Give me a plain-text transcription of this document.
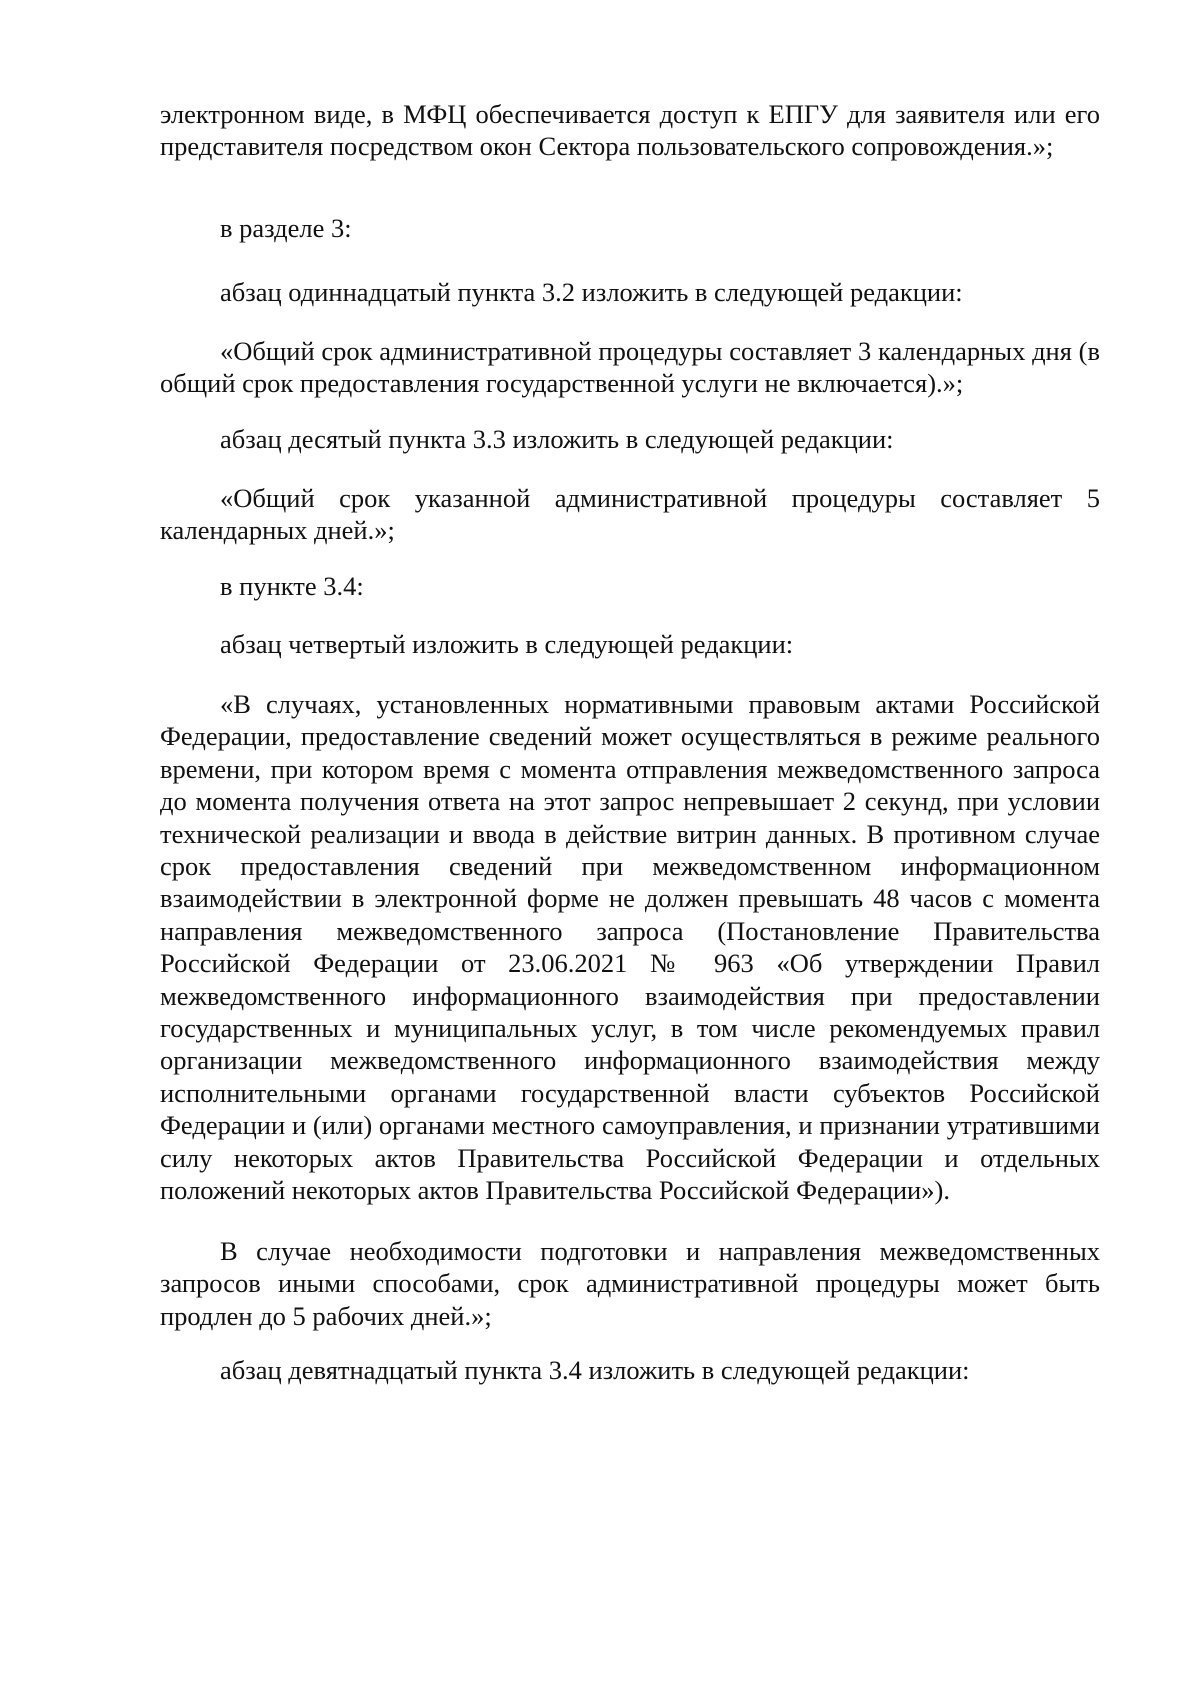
электронном виде, в МФЦ обеспечивается доступ к ЕПГУ для заявителя или его представителя посредством окон Сектора пользовательского сопровождения.»;

в разделе 3:

абзац одиннадцатый пункта 3.2 изложить в следующей редакции:

«Общий срок административной процедуры составляет 3 календарных дня (в общий срок предоставления государственной услуги не включается).»;

абзац десятый пункта 3.3 изложить в следующей редакции:

«Общий срок указанной административной процедуры составляет 5 календарных дней.»;

в пункте 3.4:

абзац четвертый изложить в следующей редакции:

«В случаях, установленных нормативными правовым актами Российской Федерации, предоставление сведений может осуществляться в режиме реального времени, при котором время с момента отправления межведомственного запроса до момента получения ответа на этот запрос непревышает 2 секунд, при условии технической реализации и ввода в действие витрин данных. В противном случае срок предоставления сведений при межведомственном информационном взаимодействии в электронной форме не должен превышать 48 часов с момента направления межведомственного запроса (Постановление Правительства Российской Федерации от 23.06.2021 № 963 «Об утверждении Правил межведомственного информационного взаимодействия при предоставлении государственных и муниципальных услуг, в том числе рекомендуемых правил организации межведомственного информационного взаимодействия между исполнительными органами государственной власти субъектов Российской Федерации и (или) органами местного самоуправления, и признании утратившими силу некоторых актов Правительства Российской Федерации и отдельных положений некоторых актов Правительства Российской Федерации»).

В случае необходимости подготовки и направления межведомственных запросов иными способами, срок административной процедуры может быть продлен до 5 рабочих дней.»;

абзац девятнадцатый пункта 3.4 изложить в следующей редакции:
